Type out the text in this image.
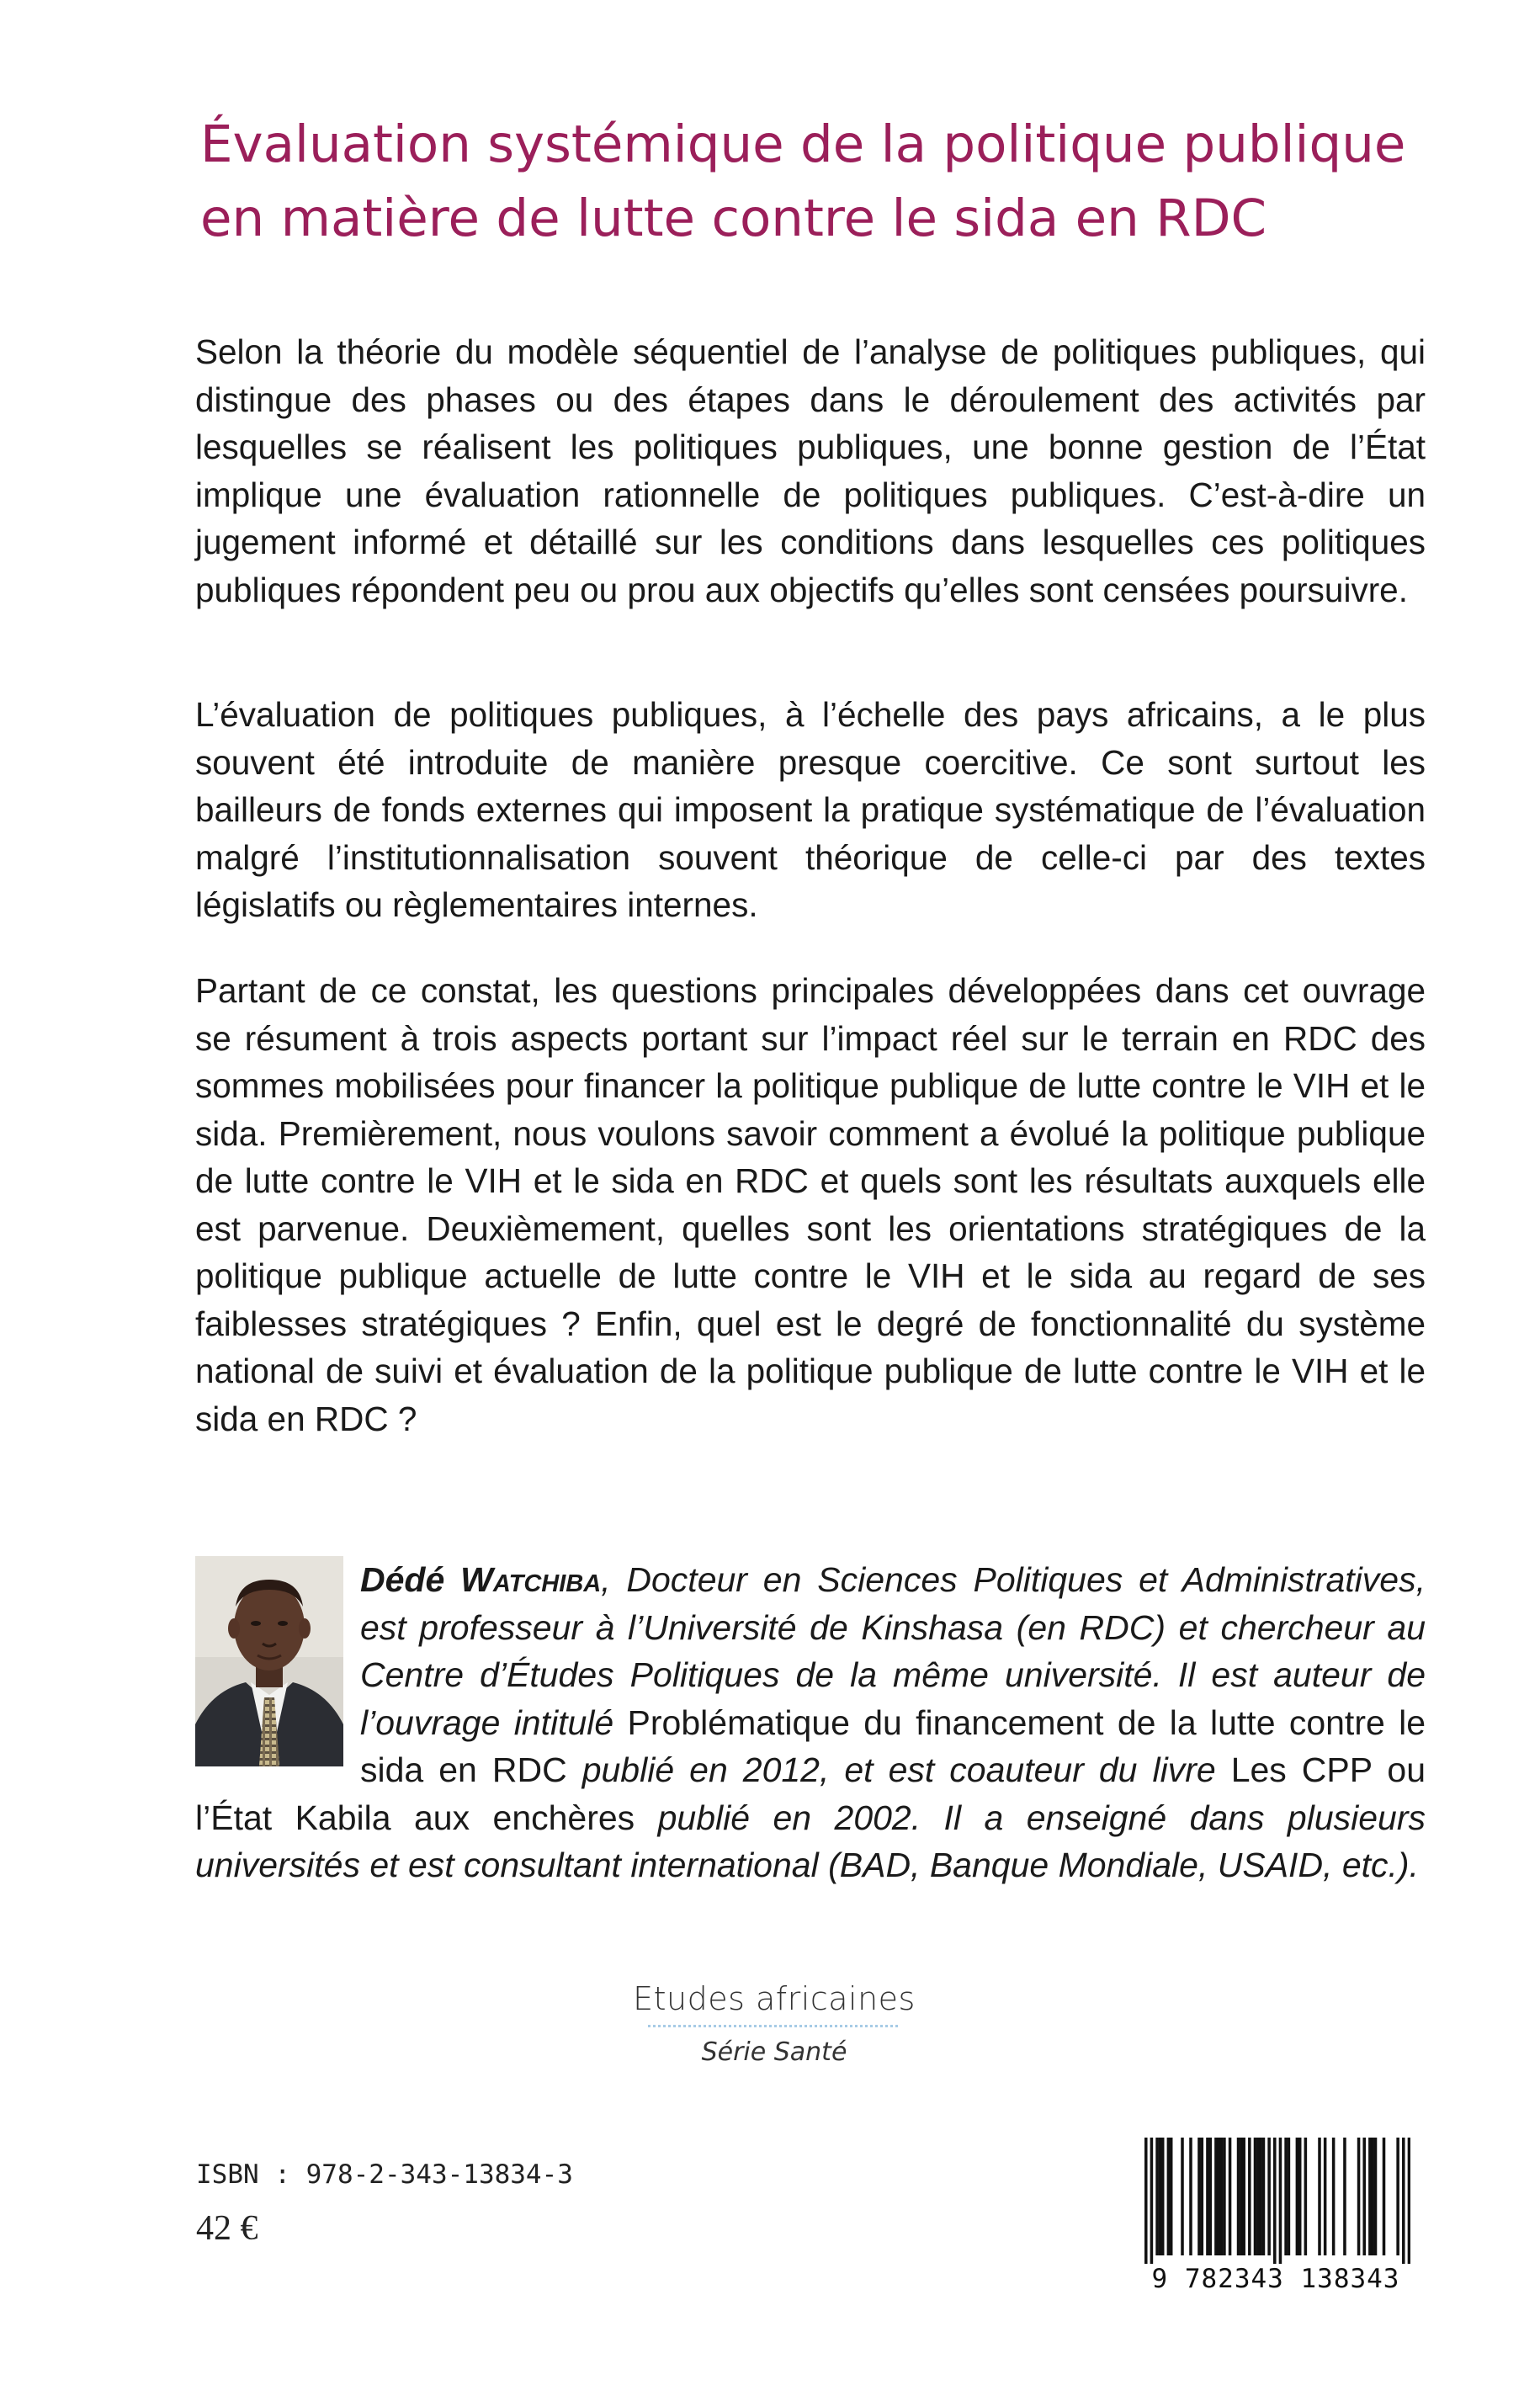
Évaluation systémique de la politique publique
en matière de lutte contre le sida en RDC

Selon la théorie du modèle séquentiel de l’analyse de politiques publiques, qui distingue des phases ou des étapes dans le déroulement des activités par lesquelles se réalisent les politiques publiques, une bonne gestion de l’État implique une évaluation rationnelle de politiques publiques. C’est-à-dire un jugement informé et détaillé sur les conditions dans lesquelles ces politiques publiques répondent peu ou prou aux objectifs qu’elles sont censées poursuivre.

L’évaluation de politiques publiques, à l’échelle des pays africains, a le plus souvent été introduite de manière presque coercitive. Ce sont surtout les bailleurs de fonds externes qui imposent la pratique systématique de l’évaluation malgré l’institutionnalisation souvent théorique de celle-ci par des textes législatifs ou règlementaires internes.

Partant de ce constat, les questions principales développées dans cet ouvrage se résument à trois aspects portant sur l’impact réel sur le terrain en RDC des sommes mobilisées pour financer la politique publique de lutte contre le VIH et le sida. Premièrement, nous voulons savoir comment a évolué la politique publique de lutte contre le VIH et le sida en RDC et quels sont les résultats auxquels elle est parvenue. Deuxièmement, quelles sont les orientations stratégiques de la politique publique actuelle de lutte contre le VIH et le sida au regard de ses faiblesses stratégiques ? Enfin, quel est le degré de fonctionnalité du système national de suivi et évaluation de la politique publique de lutte contre le VIH et le sida en RDC ?

Dédé Watchiba, Docteur en Sciences Politiques et Administratives, est professeur à l’Université de Kinshasa (en RDC) et chercheur au Centre d’Études Politiques de la même université. Il est auteur de l’ouvrage intitulé Problématique du financement de la lutte contre le sida en RDC publié en 2012, et est coauteur du livre Les CPP ou l’État Kabila aux enchères publié en 2002. Il a enseigné dans plusieurs universités et est consultant international (BAD, Banque Mondiale, USAID, etc.).
Etudes africaines
Série Santé
ISBN : 978-2-343-13834-3
42 €
9 782343 138343
